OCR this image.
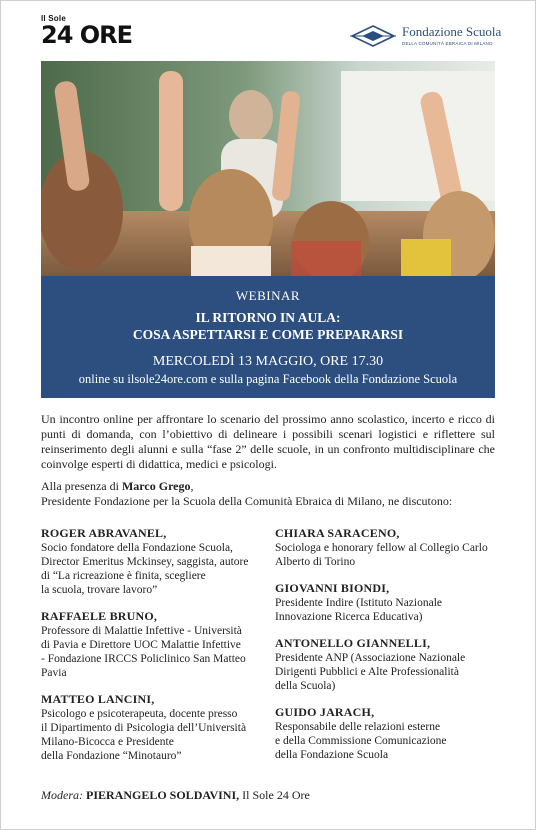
Il Sole
24 ORE	Fondazione Scuola
DELLA COMUNITÀ EBRAICA DI MILANO
WEBINAR
IL RITORNO IN AULA:
COSA ASPETTARSI E COME PREPARARSI
MERCOLEDÌ 13 MAGGIO, ORE 17.30
online su ilsole24ore.com e sulla pagina Facebook della Fondazione Scuola
Un incontro online per affrontare lo scenario del prossimo anno scolastico, incerto e ricco di punti di domanda, con l’obiettivo di delineare i possibili scenari logistici e riflettere sul reinserimento degli alunni e sulla “fase 2” delle scuole, in un confronto multidisciplinare che coinvolge esperti di didattica, medici e psicologi.
Alla presenza di Marco Grego,
Presidente Fondazione per la Scuola della Comunità Ebraica di Milano, ne discutono:
ROGER ABRAVANEL,
Socio fondatore della Fondazione Scuola,
Director Emeritus Mckinsey, saggista, autore
di “La ricreazione è finita, scegliere
la scuola, trovare lavoro”
RAFFAELE BRUNO,
Professore di Malattie Infettive - Università
di Pavia e Direttore UOC Malattie Infettive
- Fondazione IRCCS Policlinico San Matteo
Pavia
MATTEO LANCINI,
Psicologo e psicoterapeuta, docente presso
il Dipartimento di Psicologia dell’Università
Milano-Bicocca e Presidente
della Fondazione “Minotauro”
CHIARA SARACENO,
Sociologa e honorary fellow al Collegio Carlo
Alberto di Torino
GIOVANNI BIONDI,
Presidente Indire (Istituto Nazionale
Innovazione Ricerca Educativa)
ANTONELLO GIANNELLI,
Presidente ANP (Associazione Nazionale
Dirigenti Pubblici e Alte Professionalità
della Scuola)
GUIDO JARACH,
Responsabile delle relazioni esterne
e della Commissione Comunicazione
della Fondazione Scuola
Modera: PIERANGELO SOLDAVINI, Il Sole 24 Ore
